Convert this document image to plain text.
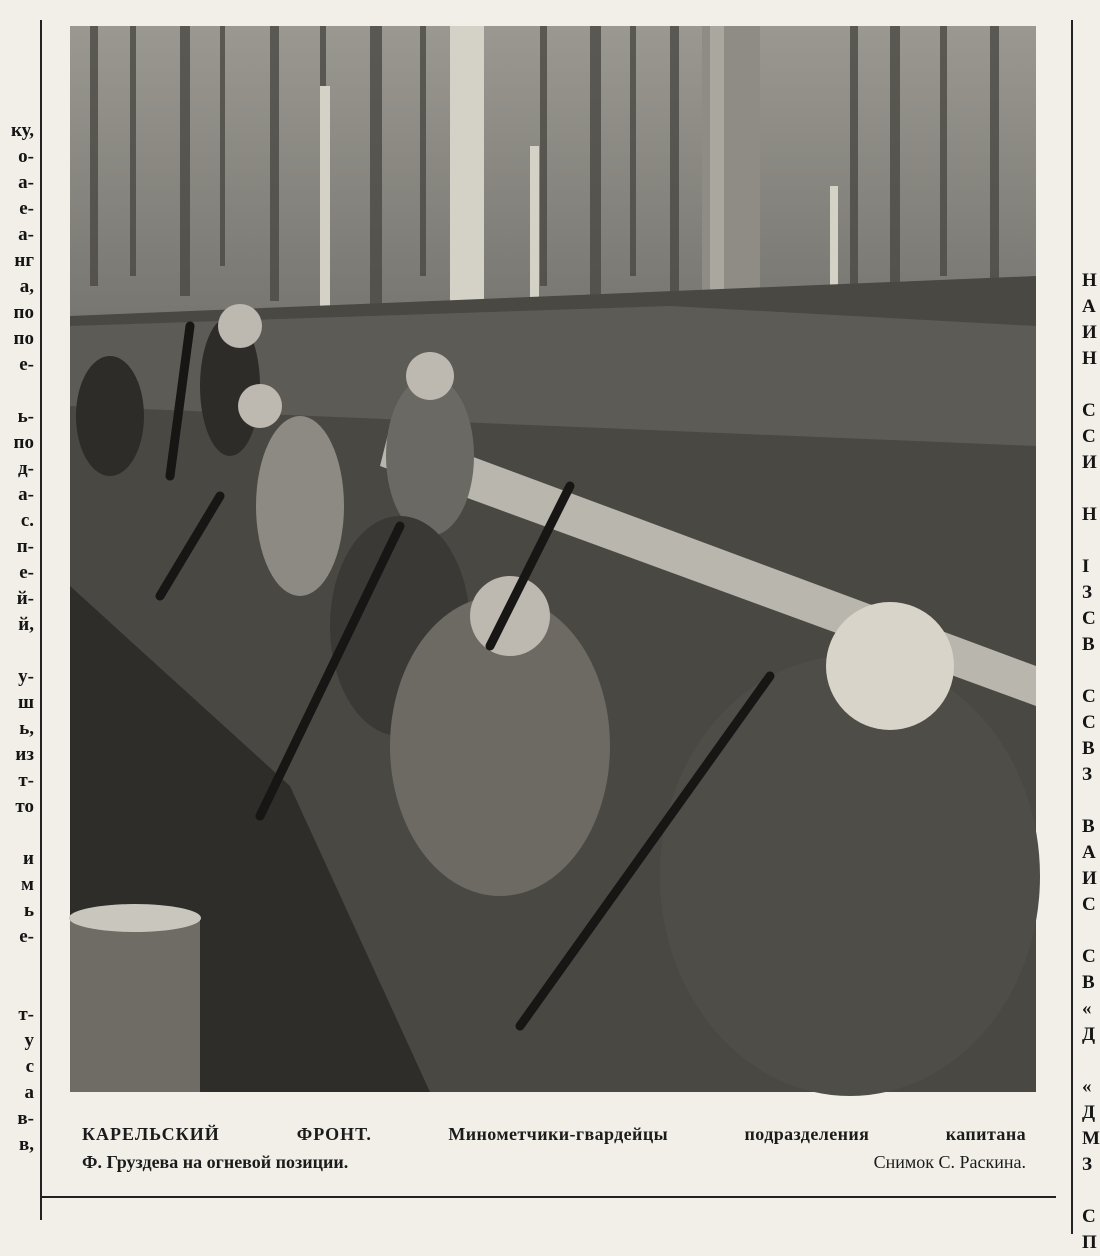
ку,
о-
а-
е-
а-
нг
а,
по
по
е-

ь-
по
д-
а-
с.
п-
е-
й-
й,

у-
ш
ь,
из
т-
то

и
м
ь
е-

т-
у
с
а
в-
в,
Н
А
И
Н

С
С
И

Н

I
З
С
В

С
С
В
З

В
А
И
С

С
В
«
Д

«
Д
М
З

С
П
КАРЕЛЬСКИЙ ФРОНТ.	Минометчики-гвардейцы подразделения капитана
Ф. Груздева на огневой позиции.	Снимок С. Раскина.
